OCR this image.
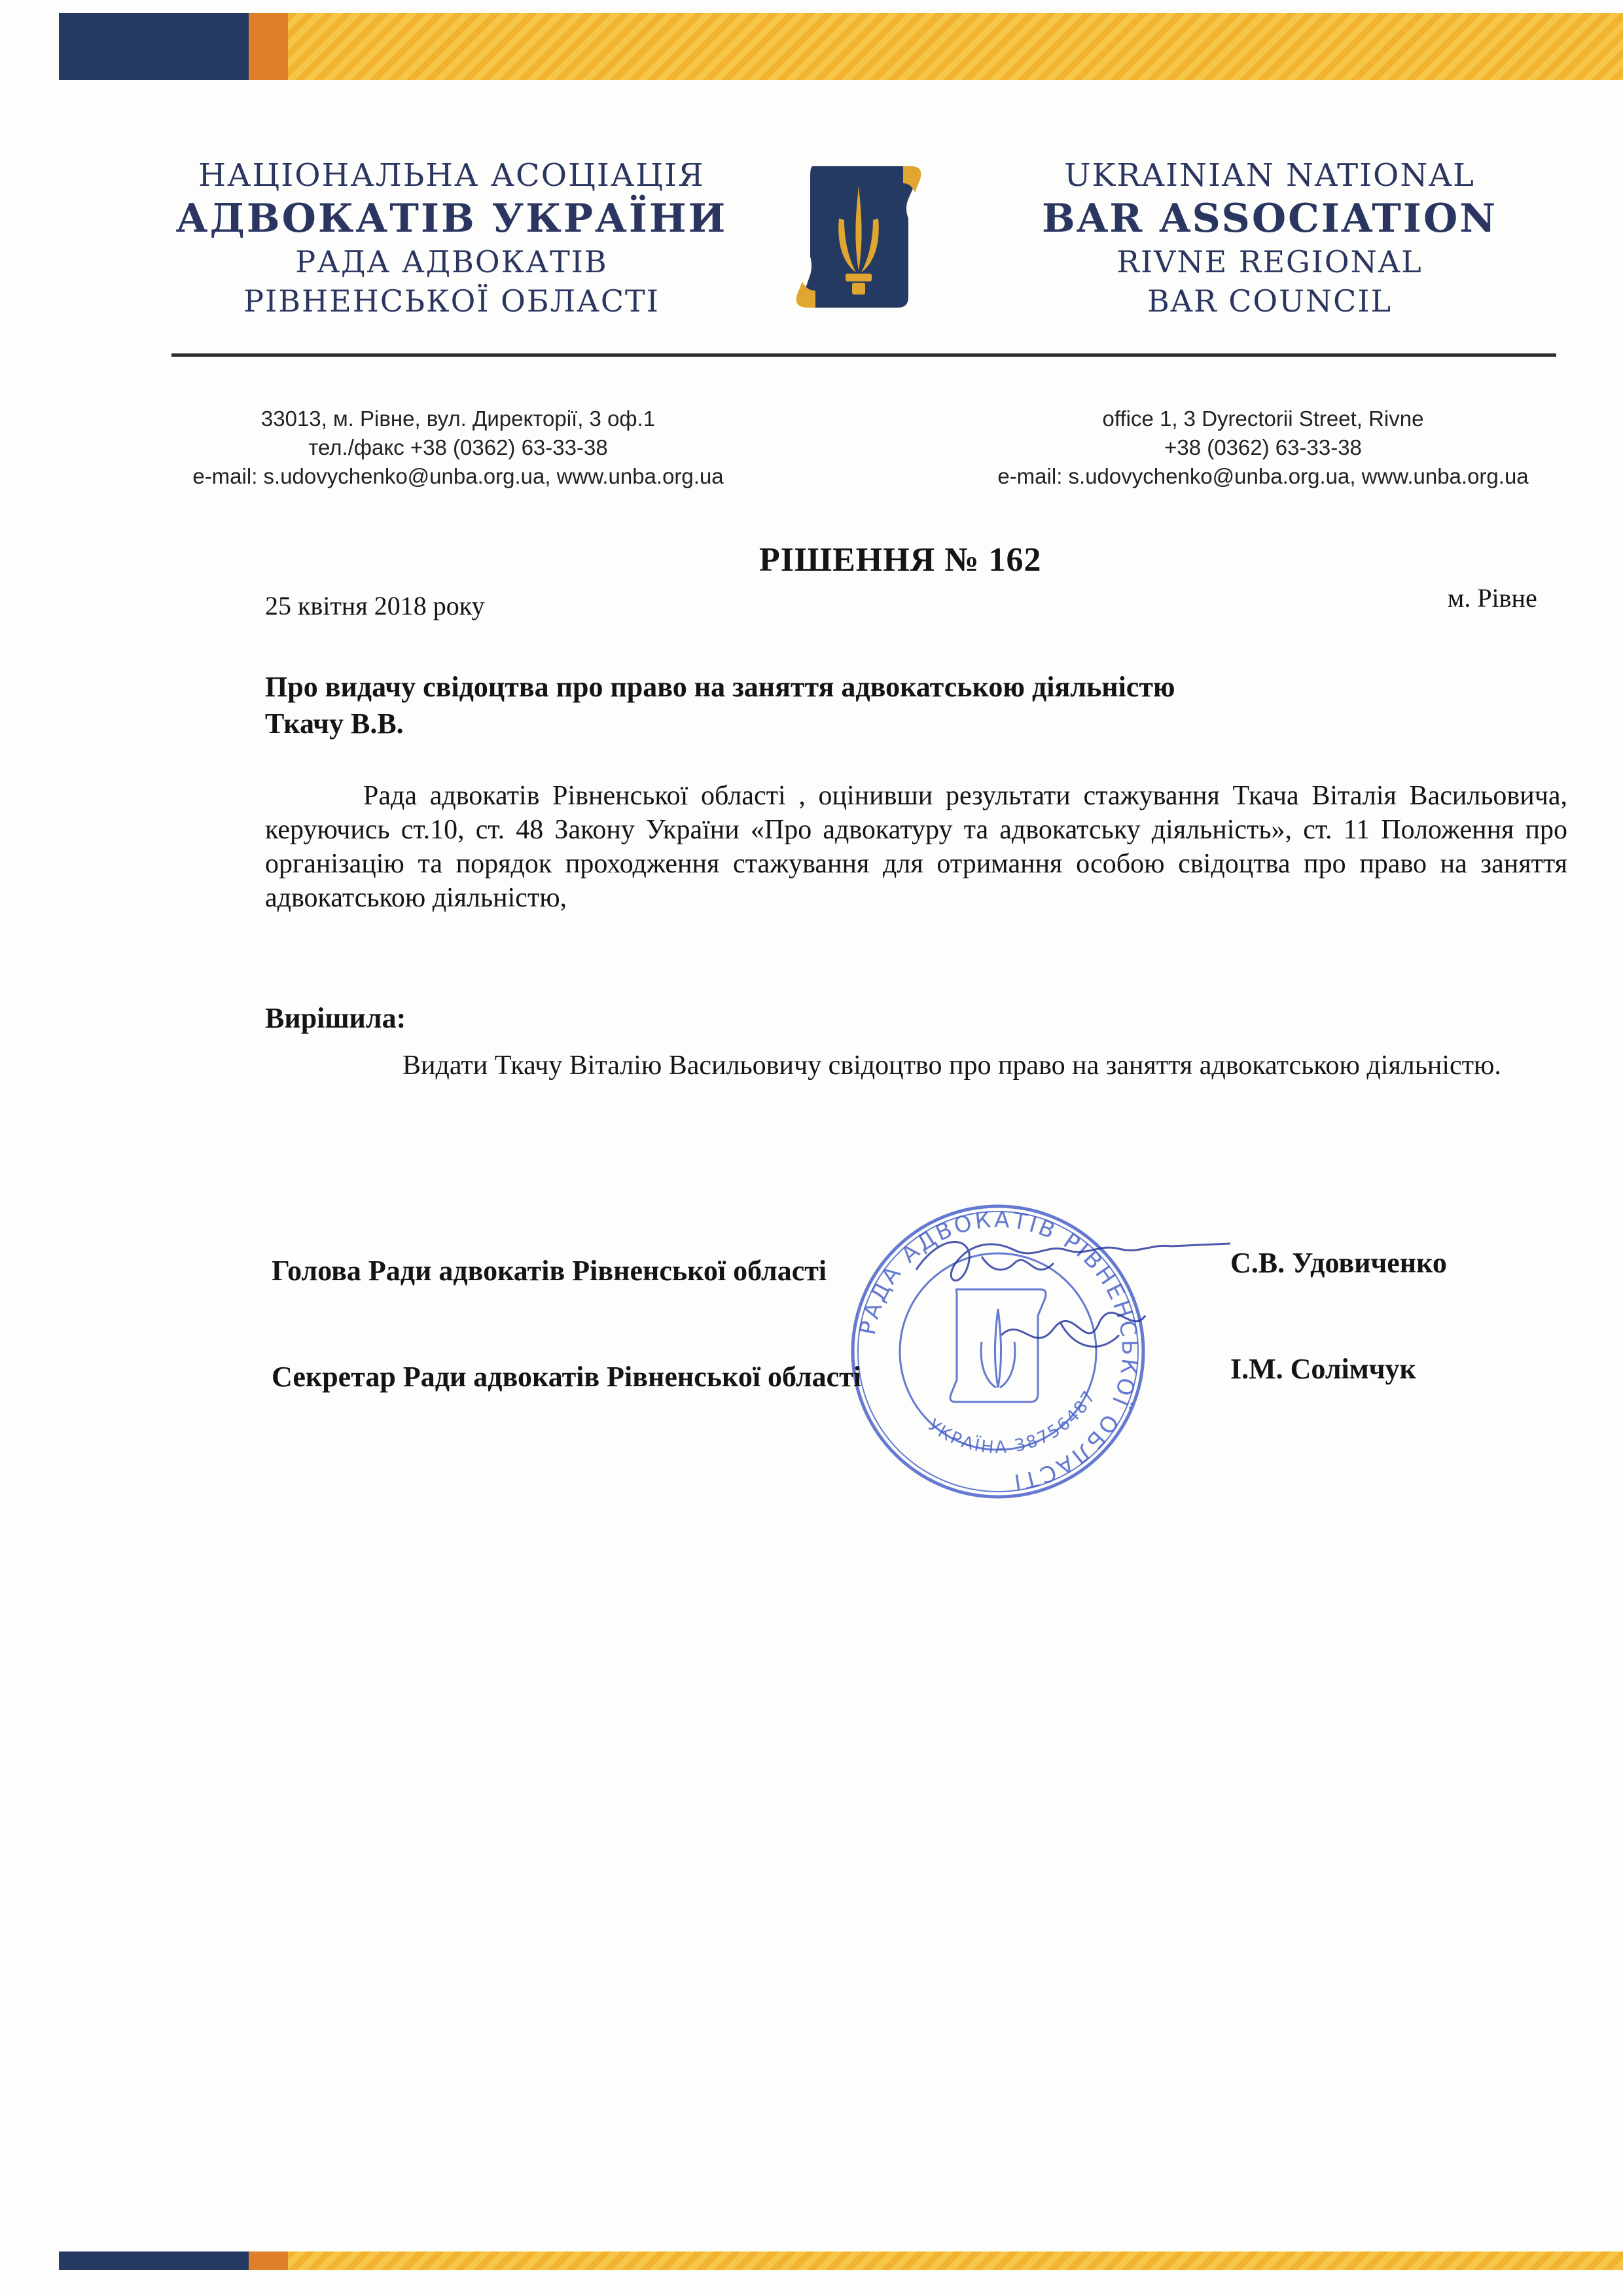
НАЦІОНАЛЬНА АСОЦІАЦІЯ
АДВОКАТІВ УКРАЇНИ
РАДА АДВОКАТІВ
РІВНЕНСЬКОЇ ОБЛАСТІ
UKRAINIAN NATIONAL
BAR ASSOCIATION
RIVNE REGIONAL
BAR COUNCIL
33013, м. Рівне, вул. Директорії, 3 оф.1
тел./факс +38 (0362) 63-33-38
e-mail: s.udovychenko@unba.org.ua, www.unba.org.ua
office 1, 3 Dyrectorii Street, Rivne
+38 (0362) 63-33-38
e-mail: s.udovychenko@unba.org.ua, www.unba.org.ua
РІШЕННЯ № 162
25 квітня 2018 року	м. Рівне
Про видачу свідоцтва про право на заняття адвокатською діяльністю Ткачу В.В.

Рада адвокатів Рівненської області , оцінивши результати стажування Ткача Віталія Васильовича, керуючись ст.10, ст. 48 Закону України «Про адвокатуру та адвокатську діяльність», ст. 11 Положення про організацію та порядок проходження стажування для отримання особою свідоцтва про право на заняття адвокатською діяльністю,

Вирішила:

Видати Ткачу Віталію Васильовичу свідоцтво про право на заняття адвокатською діяльністю.

РАДА АДВОКАТІВ РІВНЕНСЬКОЇ ОБЛАСТІ
УКРАЇНА 38756487
Голова Ради адвокатів Рівненської області	С.В. Удовиченко
Секретар Ради адвокатів Рівненської області	І.М. Солімчук
